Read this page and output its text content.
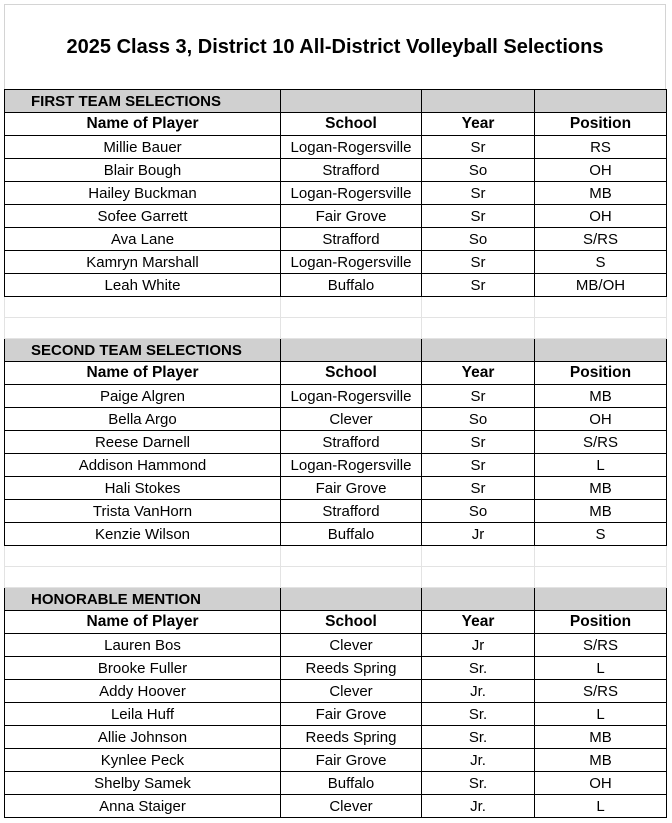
2025 Class 3, District 10 All-District Volleyball Selections
FIRST TEAM SELECTIONS			
Name of Player	School	Year	Position
Millie Bauer	Logan-Rogersville	Sr	RS
Blair Bough	Strafford	So	OH
Hailey Buckman	Logan-Rogersville	Sr	MB
Sofee Garrett	Fair Grove	Sr	OH
Ava Lane	Strafford	So	S/RS
Kamryn Marshall	Logan-Rogersville	Sr	S
Leah White	Buffalo	Sr	MB/OH

SECOND TEAM SELECTIONS			
Name of Player	School	Year	Position
Paige Algren	Logan-Rogersville	Sr	MB
Bella Argo	Clever	So	OH
Reese Darnell	Strafford	Sr	S/RS
Addison Hammond	Logan-Rogersville	Sr	L
Hali Stokes	Fair Grove	Sr	MB
Trista VanHorn	Strafford	So	MB
Kenzie Wilson	Buffalo	Jr	S

HONORABLE MENTION			
Name of Player	School	Year	Position
Lauren Bos	Clever	Jr	S/RS
Brooke Fuller	Reeds Spring	Sr.	L
Addy Hoover	Clever	Jr.	S/RS
Leila Huff	Fair Grove	Sr.	L
Allie Johnson	Reeds Spring	Sr.	MB
Kynlee Peck	Fair Grove	Jr.	MB
Shelby Samek	Buffalo	Sr.	OH
Anna Staiger	Clever	Jr.	L
